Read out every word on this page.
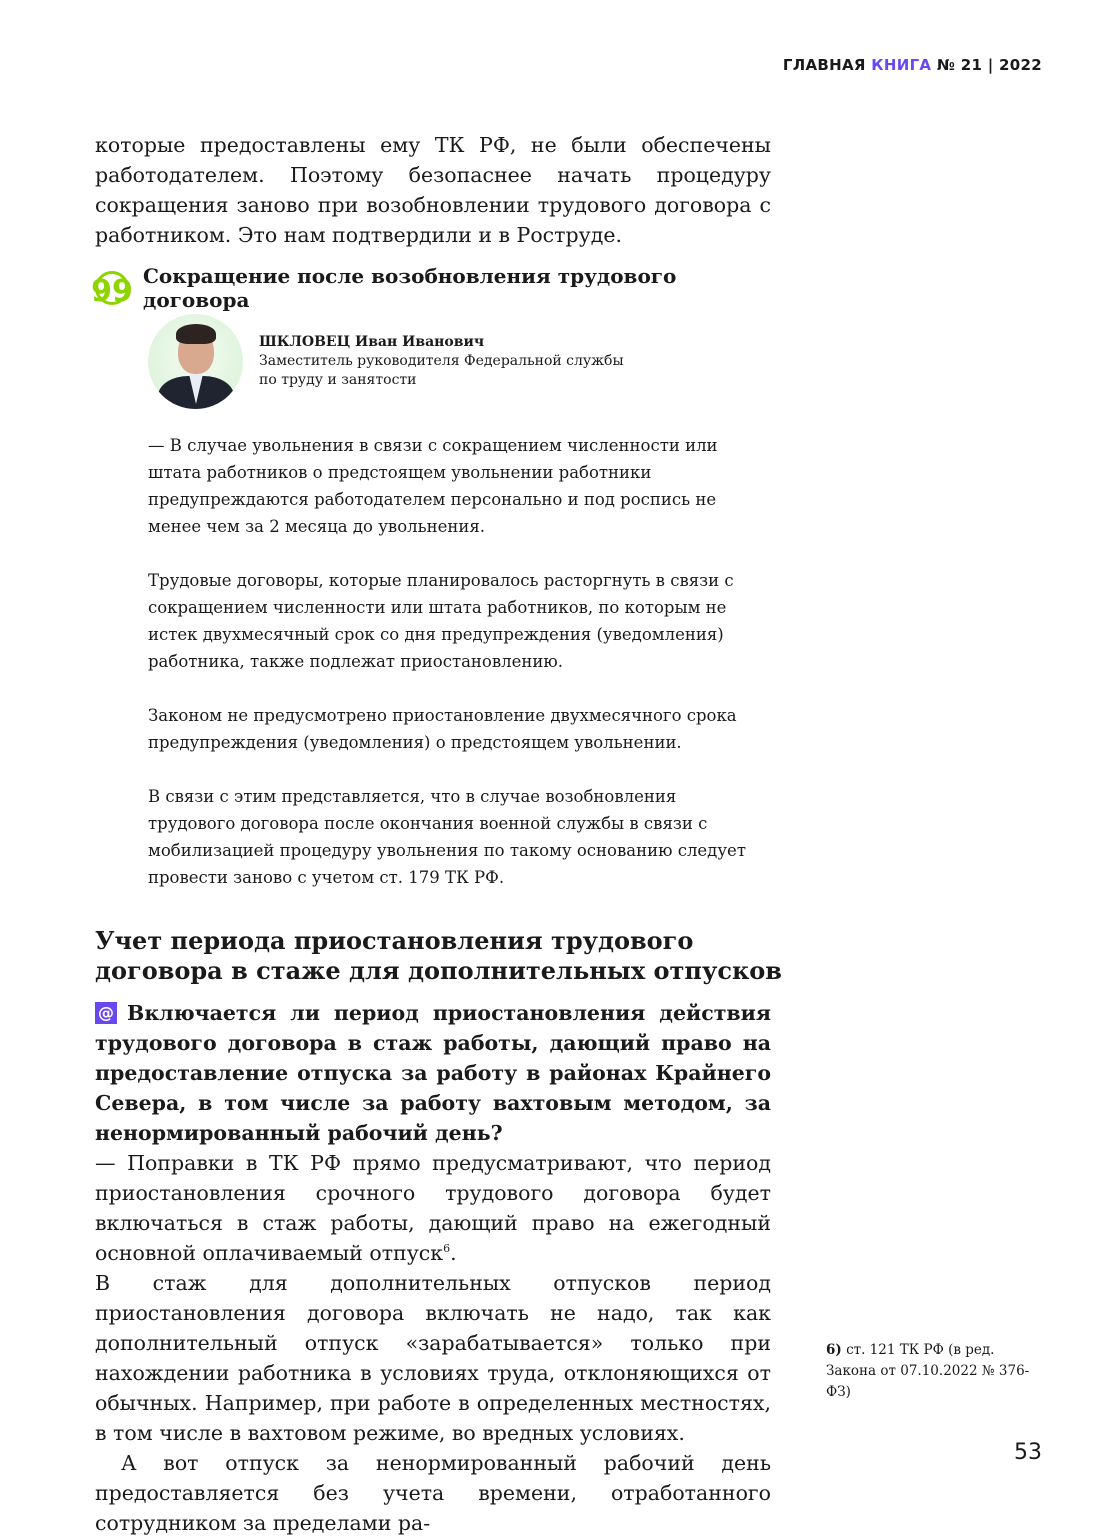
ГЛАВНАЯ КНИГА № 21 | 2022

которые предоставлены ему ТК РФ, не были обеспечены работодателем. Поэтому безопаснее начать процедуру сокращения заново при возобновлении трудового договора с работником. Это нам подтвердили и в Роструде.

99 Сокращение после возобновления трудового договора
ШКЛОВЕЦ Иван Иванович
Заместитель руководителя Федеральной службы
по труду и занятости

— В случае увольнения в связи с сокращением численности или штата работников о предстоящем увольнении работники предупреждаются работодателем персонально и под роспись не менее чем за 2 месяца до увольнения.

Трудовые договоры, которые планировалось расторгнуть в связи с сокращением численности или штата работников, по которым не истек двухмесячный срок со дня предупреждения (уведомления) работника, также подлежат приостановлению.

Законом не предусмотрено приостановление двухмесячного срока предупреждения (уведомления) о предстоящем увольнении.

В связи с этим представляется, что в случае возобновления трудового договора после окончания военной службы в связи с мобилизацией процедуру увольнения по такому основанию следует провести заново с учетом ст. 179 ТК РФ.

Учет периода приостановления трудового договора в стаже для дополнительных отпусков

@ Включается ли период приостановления действия трудового договора в стаж работы, дающий право на предоставление отпуска за работу в районах Крайнего Севера, в том числе за работу вахтовым методом, за ненормированный рабочий день?

— Поправки в ТК РФ прямо предусматривают, что период приостановления срочного трудового договора будет включаться в стаж работы, дающий право на ежегодный основной оплачиваемый отпуск$^6$.

В стаж для дополнительных отпусков период приостановления договора включать не надо, так как дополнительный отпуск «зарабатывается» только при нахождении работника в условиях труда, отклоняющихся от обычных. Например, при работе в определенных местностях, в том числе в вахтовом режиме, во вредных условиях.

А вот отпуск за ненормированный рабочий день предоставляется без учета времени, отработанного сотрудником за пределами ра-

6) ст. 121 ТК РФ (в ред. Закона от 07.10.2022 № 376-ФЗ)
53
